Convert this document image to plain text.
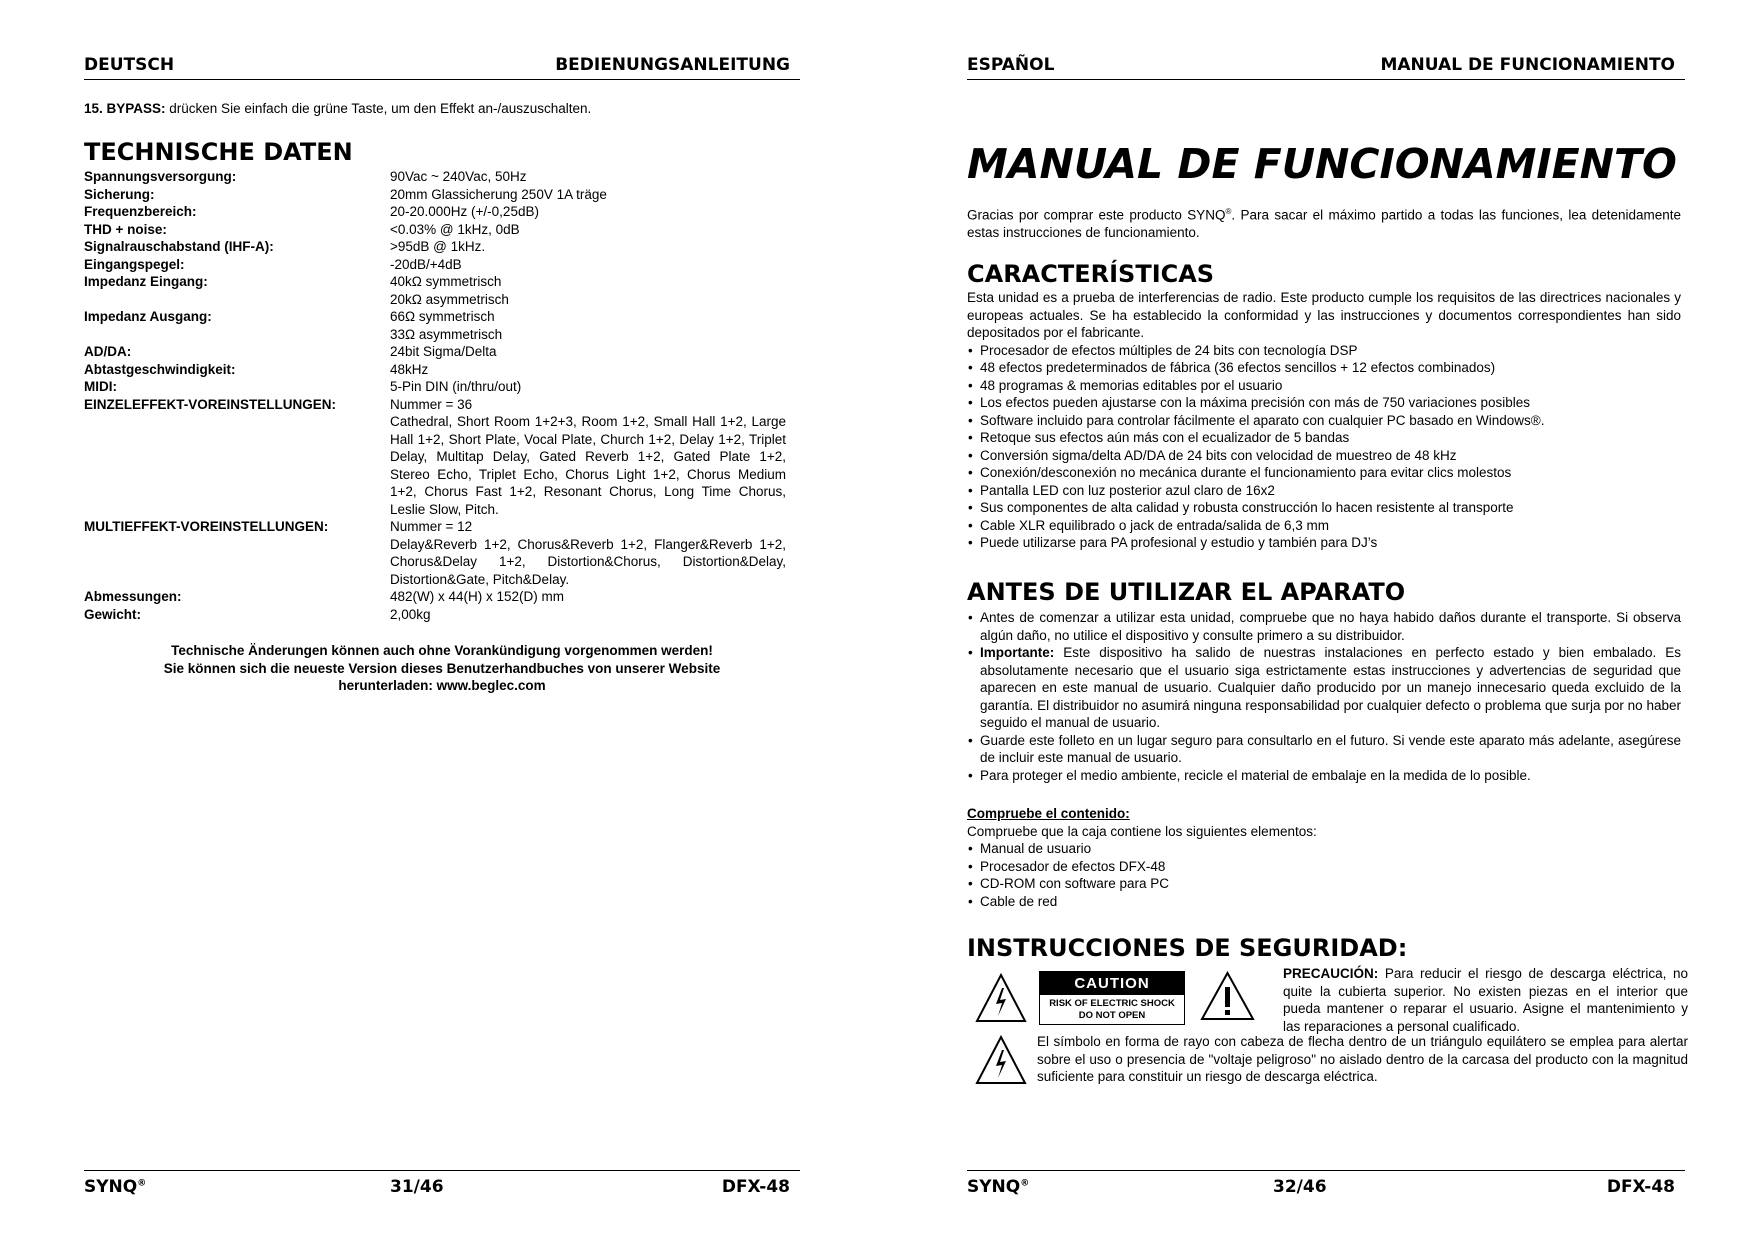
DEUTSCH	BEDIENUNGSANLEITUNG
15. BYPASS: drücken Sie einfach die grüne Taste, um den Effekt an-/auszuschalten.
TECHNISCHE DATEN
Spannungsversorgung:	90Vac ~ 240Vac, 50Hz
Sicherung:	20mm Glassicherung 250V 1A träge
Frequenzbereich:	20-20.000Hz (+/-0,25dB)
THD + noise:	<0.03% @ 1kHz, 0dB
Signalrauschabstand (IHF-A):	>95dB @ 1kHz.
Eingangspegel:	-20dB/+4dB
Impedanz Eingang:	40kΩ symmetrisch
20kΩ asymmetrisch
Impedanz Ausgang:	66Ω symmetrisch
33Ω asymmetrisch
AD/DA:	24bit Sigma/Delta
Abtastgeschwindigkeit:	48kHz
MIDI:	5-Pin DIN (in/thru/out)
EINZELEFFEKT-VOREINSTELLUNGEN:	Nummer = 36
Cathedral, Short Room 1+2+3, Room 1+2, Small Hall 1+2, Large Hall 1+2, Short Plate, Vocal Plate, Church 1+2, Delay 1+2, Triplet Delay, Multitap Delay, Gated Reverb 1+2, Gated Plate 1+2, Stereo Echo, Triplet Echo, Chorus Light 1+2, Chorus Medium 1+2, Chorus Fast 1+2, Resonant Chorus, Long Time Chorus, Leslie Slow, Pitch.
MULTIEFFEKT-VOREINSTELLUNGEN:	Nummer = 12
Delay&Reverb 1+2, Chorus&Reverb 1+2, Flanger&Reverb 1+2, Chorus&Delay 1+2, Distortion&Chorus, Distortion&Delay, Distortion&Gate, Pitch&Delay.
Abmessungen:	482(W) x 44(H) x 152(D) mm
Gewicht:	2,00kg
Technische Änderungen können auch ohne Vorankündigung vorgenommen werden!
Sie können sich die neueste Version dieses Benutzerhandbuches von unserer Website
herunterladen: www.beglec.com
SYNQ®	31/46	DFX-48
ESPAÑOL	MANUAL DE FUNCIONAMIENTO
MANUAL DE FUNCIONAMIENTO
Gracias por comprar este producto SYNQ®. Para sacar el máximo partido a todas las funciones, lea detenidamente estas instrucciones de funcionamiento.
CARACTERÍSTICAS
Esta unidad es a prueba de interferencias de radio. Este producto cumple los requisitos de las directrices nacionales y europeas actuales. Se ha establecido la conformidad y las instrucciones y documentos correspondientes han sido depositados por el fabricante.
• Procesador de efectos múltiples de 24 bits con tecnología DSP
• 48 efectos predeterminados de fábrica (36 efectos sencillos + 12 efectos combinados)
• 48 programas & memorias editables por el usuario
• Los efectos pueden ajustarse con la máxima precisión con más de 750 variaciones posibles
• Software incluido para controlar fácilmente el aparato con cualquier PC basado en Windows®.
• Retoque sus efectos aún más con el ecualizador de 5 bandas
• Conversión sigma/delta AD/DA de 24 bits con velocidad de muestreo de 48 kHz
• Conexión/desconexión no mecánica durante el funcionamiento para evitar clics molestos
• Pantalla LED con luz posterior azul claro de 16x2
• Sus componentes de alta calidad y robusta construcción lo hacen resistente al transporte
• Cable XLR equilibrado o jack de entrada/salida de 6,3 mm
• Puede utilizarse para PA profesional y estudio y también para DJ’s
ANTES DE UTILIZAR EL APARATO
• Antes de comenzar a utilizar esta unidad, compruebe que no haya habido daños durante el transporte. Si observa algún daño, no utilice el dispositivo y consulte primero a su distribuidor.
• Importante: Este dispositivo ha salido de nuestras instalaciones en perfecto estado y bien embalado. Es absolutamente necesario que el usuario siga estrictamente estas instrucciones y advertencias de seguridad que aparecen en este manual de usuario. Cualquier daño producido por un manejo innecesario queda excluido de la garantía. El distribuidor no asumirá ninguna responsabilidad por cualquier defecto o problema que surja por no haber seguido el manual de usuario.
• Guarde este folleto en un lugar seguro para consultarlo en el futuro. Si vende este aparato más adelante, asegúrese de incluir este manual de usuario.
• Para proteger el medio ambiente, recicle el material de embalaje en la medida de lo posible.
Compruebe el contenido:
Compruebe que la caja contiene los siguientes elementos:
• Manual de usuario
• Procesador de efectos DFX-48
• CD-ROM con software para PC
• Cable de red
INSTRUCCIONES DE SEGURIDAD:
CAUTION
RISK OF ELECTRIC SHOCK
DO NOT OPEN
PRECAUCIÓN: Para reducir el riesgo de descarga eléctrica, no quite la cubierta superior. No existen piezas en el interior que pueda mantener o reparar el usuario. Asigne el mantenimiento y las reparaciones a personal cualificado.
El símbolo en forma de rayo con cabeza de flecha dentro de un triángulo equilátero se emplea para alertar sobre el uso o presencia de "voltaje peligroso" no aislado dentro de la carcasa del producto con la magnitud suficiente para constituir un riesgo de descarga eléctrica.
SYNQ®	32/46	DFX-48
